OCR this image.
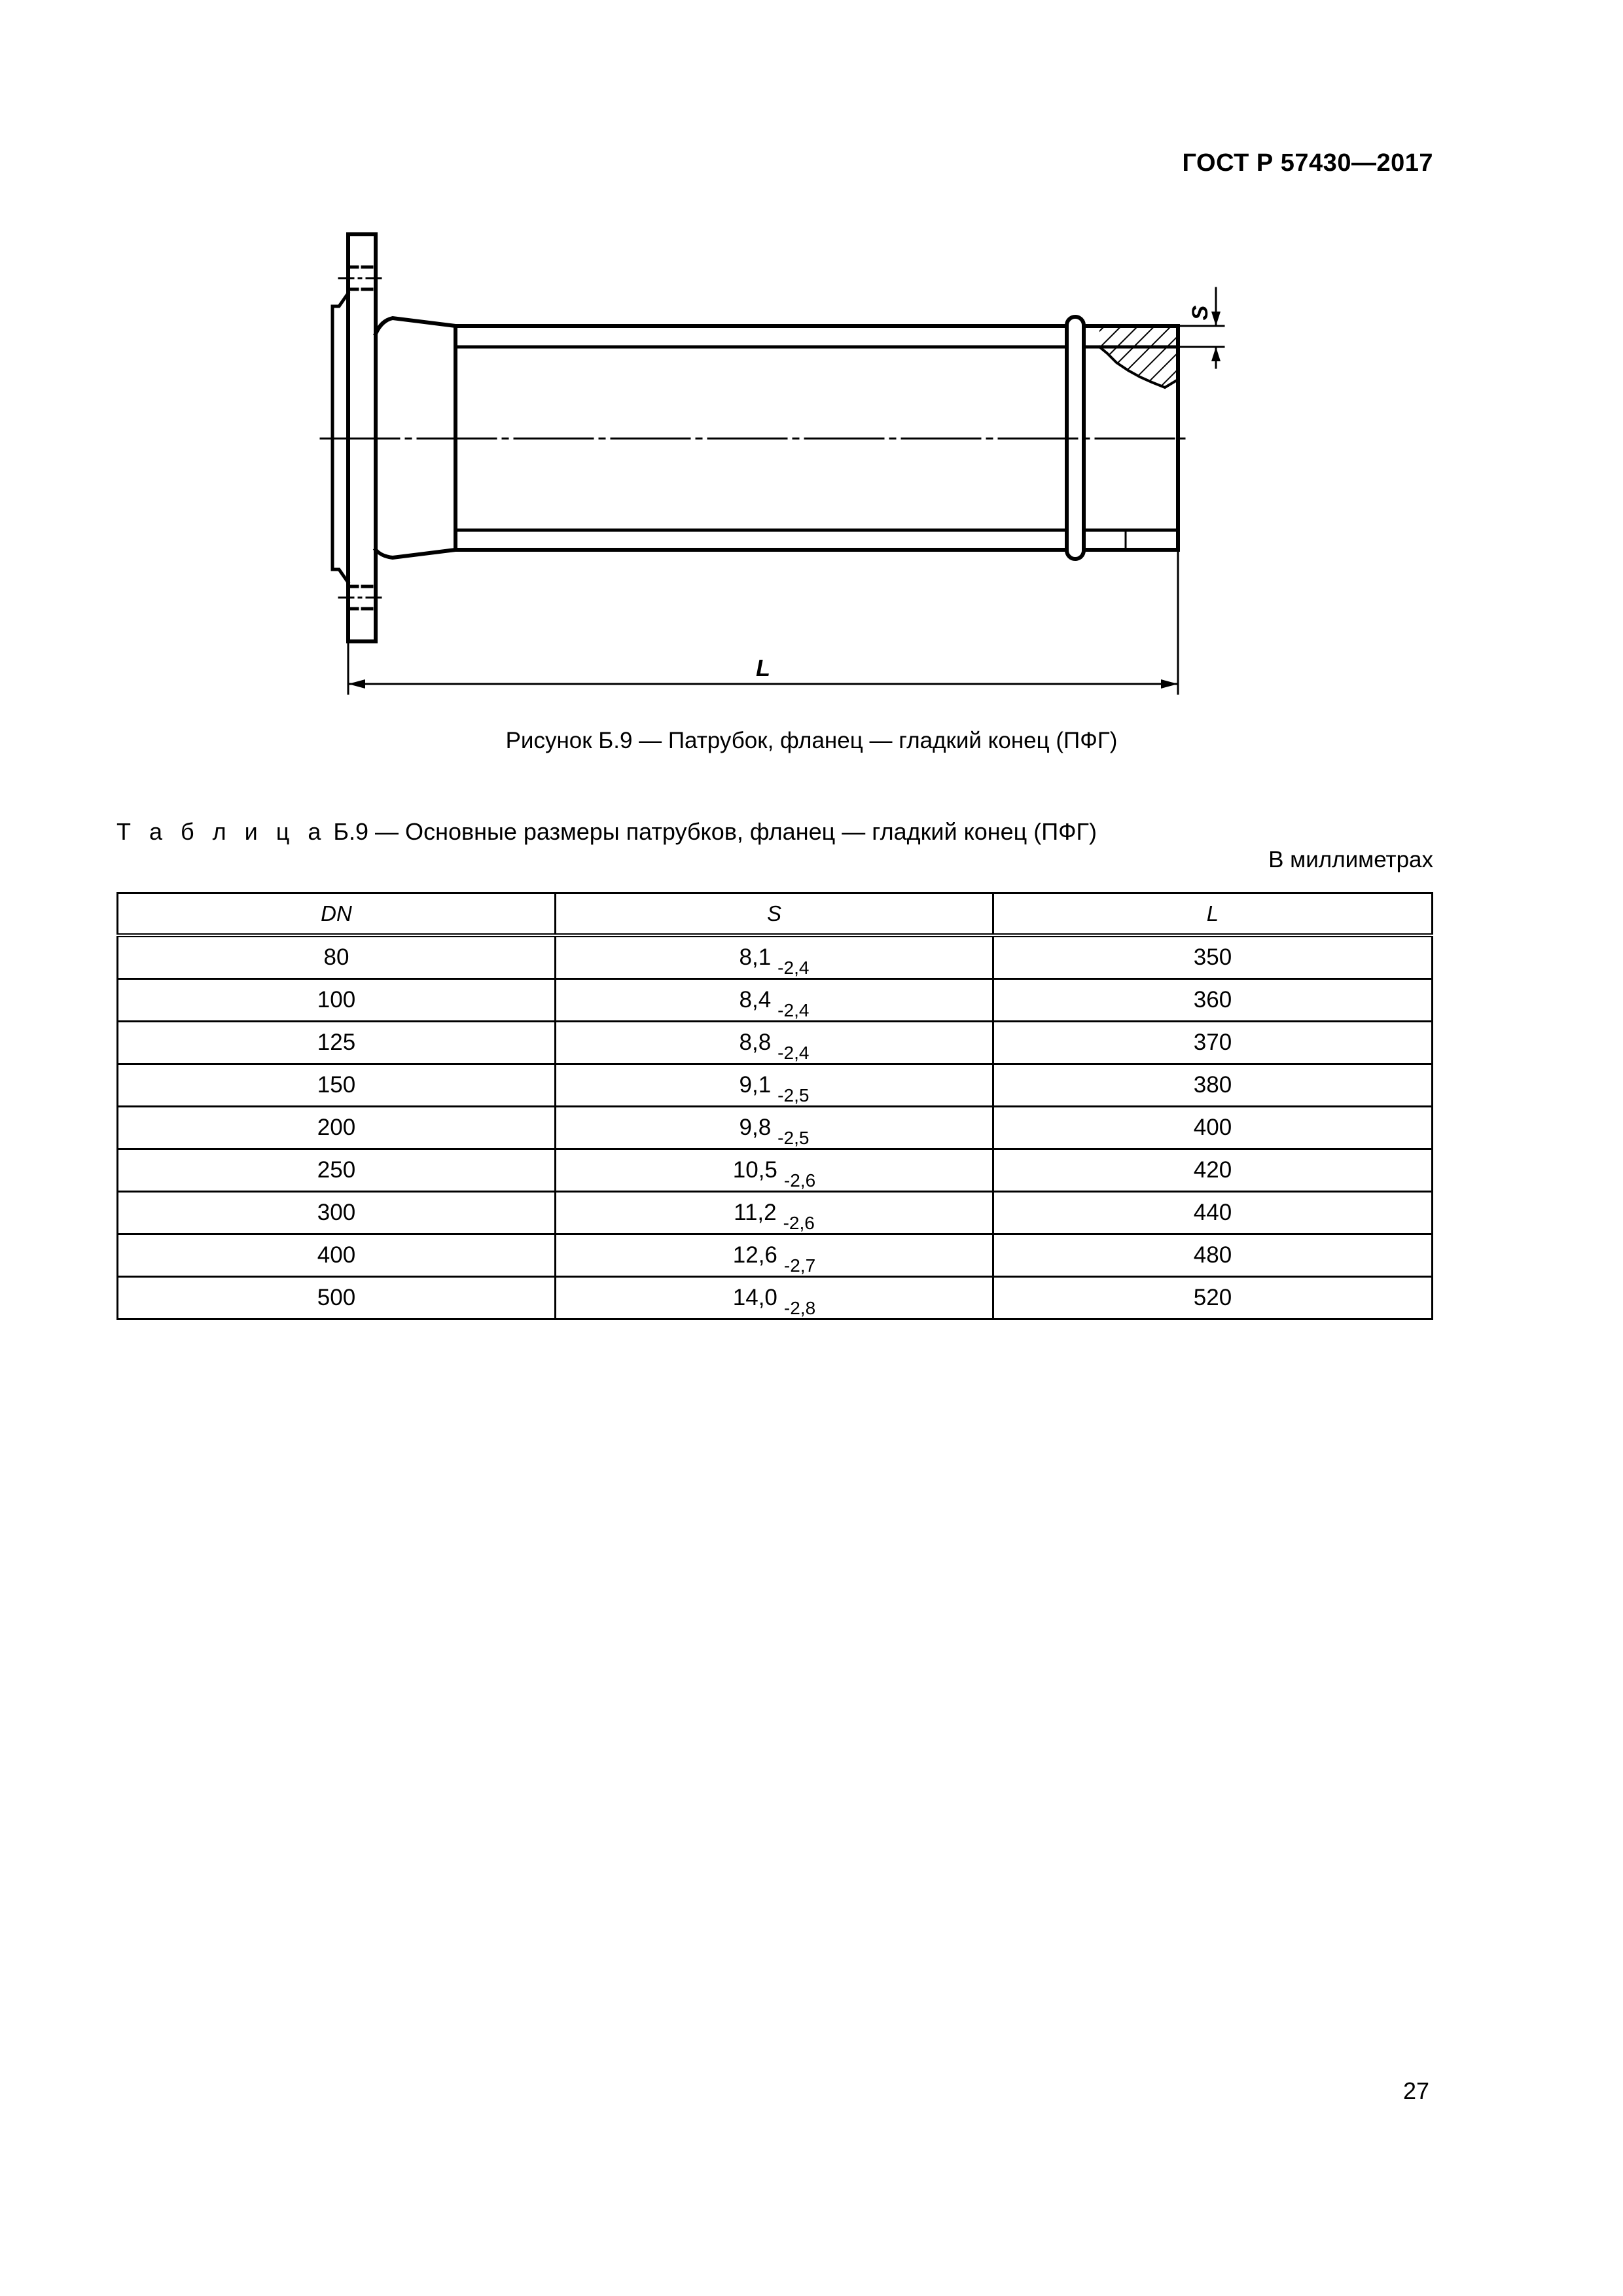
ГОСТ Р 57430—2017
S
L
Рисунок Б.9 — Патрубок, фланец — гладкий конец (ПФГ)
Т а б л и ц а Б.9 — Основные размеры патрубков, фланец — гладкий конец (ПФГ)
В миллиметрах
DN	S	L
80	8,1 $_{-2,4}$	350
100	8,4 $_{-2,4}$	360
125	8,8 $_{-2,4}$	370
150	9,1 $_{-2,5}$	380
200	9,8 $_{-2,5}$	400
250	10,5 $_{-2,6}$	420
300	11,2 $_{-2,6}$	440
400	12,6 $_{-2,7}$	480
500	14,0 $_{-2,8}$	520
27
